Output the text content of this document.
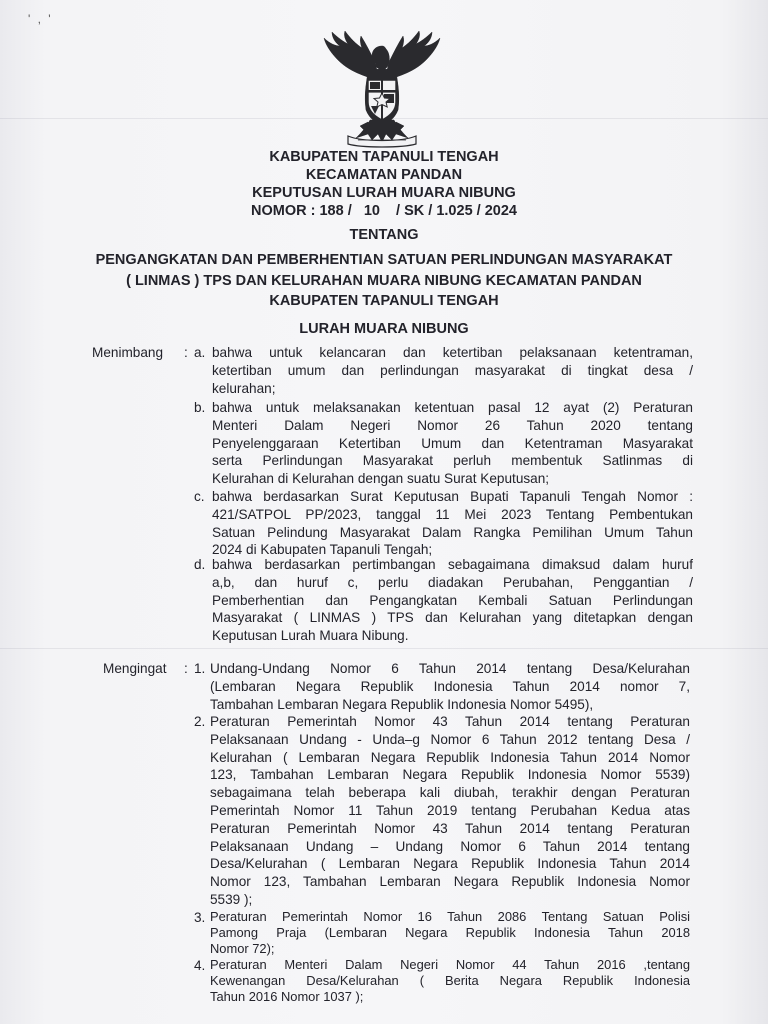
' , '
KABUPATEN TAPANULI TENGAH
KECAMATAN PANDAN
KEPUTUSAN LURAH MUARA NIBUNG
NOMOR : 188 /   10    / SK / 1.025 / 2024
TENTANG
PENGANGKATAN DAN PEMBERHENTIAN SATUAN PERLINDUNGAN MASYARAKAT
( LINMAS ) TPS DAN KELURAHAN MUARA NIBUNG KECAMATAN PANDAN
KABUPATEN TAPANULI TENGAH
LURAH MUARA NIBUNG
Menimbang : a. bahwa untuk kelancaran dan ketertiban pelaksanaan ketentraman,
ketertiban umum dan perlindungan masyarakat di tingkat desa /
kelurahan;
b. bahwa untuk melaksanakan ketentuan pasal 12 ayat (2) Peraturan
Menteri Dalam Negeri Nomor 26 Tahun 2020 tentang
Penyelenggaraan Ketertiban Umum dan Ketentraman Masyarakat
serta Perlindungan Masyarakat perluh membentuk Satlinmas di
Kelurahan di Kelurahan dengan suatu Surat Keputusan;
c. bahwa berdasarkan Surat Keputusan Bupati Tapanuli Tengah Nomor :
421/SATPOL PP/2023, tanggal 11 Mei 2023 Tentang Pembentukan
Satuan Pelindung Masyarakat Dalam Rangka Pemilihan Umum Tahun
2024 di Kabupaten Tapanuli Tengah;
d. bahwa berdasarkan pertimbangan sebagaimana dimaksud dalam huruf
a,b, dan huruf c, perlu diadakan Perubahan, Penggantian /
Pemberhentian dan Pengangkatan Kembali Satuan Perlindungan
Masyarakat ( LINMAS ) TPS dan Kelurahan yang ditetapkan dengan
Keputusan Lurah Muara Nibung.
Mengingat : 1. Undang-Undang Nomor 6 Tahun 2014 tentang Desa/Kelurahan
(Lembaran Negara Republik Indonesia Tahun 2014 nomor 7,
Tambahan Lembaran Negara Republik Indonesia Nomor 5495),
2. Peraturan Pemerintah Nomor 43 Tahun 2014 tentang Peraturan
Pelaksanaan Undang - Unda–g Nomor 6 Tahun 2012 tentang Desa /
Kelurahan ( Lembaran Negara Republik Indonesia Tahun 2014 Nomor
123, Tambahan Lembaran Negara Republik Indonesia Nomor 5539)
sebagaimana telah beberapa kali diubah, terakhir dengan Peraturan
Pemerintah Nomor 11 Tahun 2019 tentang Perubahan Kedua atas
Peraturan Pemerintah Nomor 43 Tahun 2014 tentang Peraturan
Pelaksanaan Undang – Undang Nomor 6 Tahun 2014 tentang
Desa/Kelurahan ( Lembaran Negara Republik Indonesia Tahun 2014
Nomor 123, Tambahan Lembaran Negara Republik Indonesia Nomor
5539 );
3. Peraturan Pemerintah Nomor 16 Tahun 2086 Tentang Satuan Polisi
Pamong Praja (Lembaran Negara Republik Indonesia Tahun 2018
Nomor 72);
4. Peraturan Menteri Dalam Negeri Nomor 44 Tahun 2016 ,tentang
Kewenangan Desa/Kelurahan ( Berita Negara Republik Indonesia
Tahun 2016 Nomor 1037 );
